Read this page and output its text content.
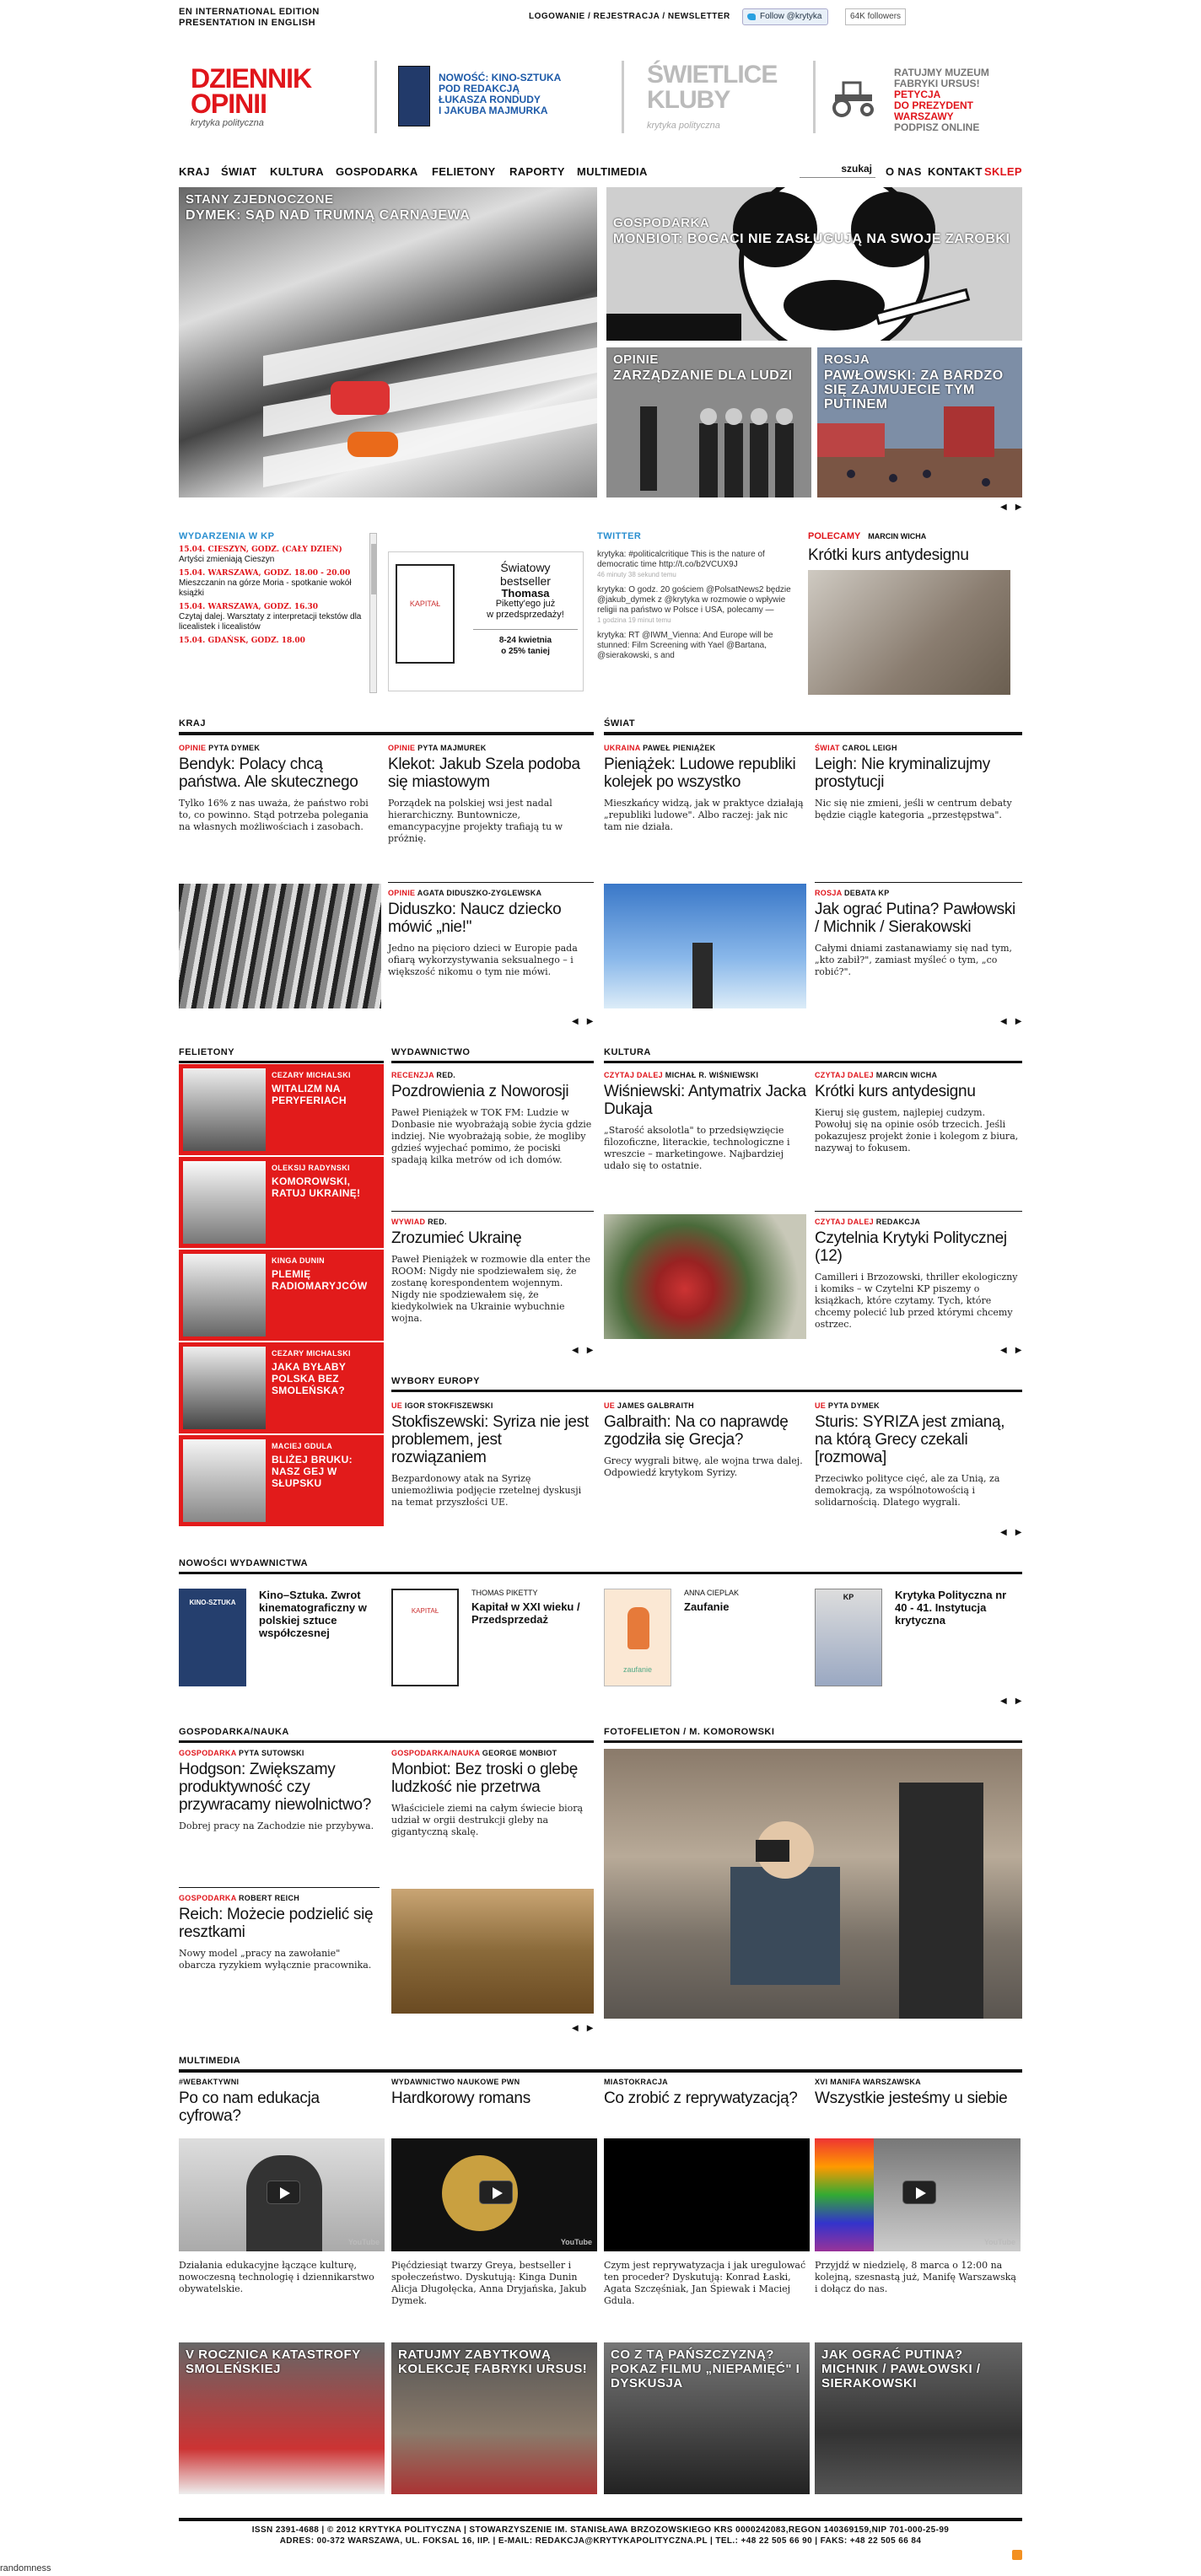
EN INTERNATIONAL EDITION
PRESENTATION IN ENGLISH
LOGOWANIE / REJESTRACJA / NEWSLETTER	Follow @krytyka	64K followers
DZIENNIK
OPINII
krytyka polityczna
NOWOŚĆ: KINO-SZTUKA
POD REDAKCJĄ
ŁUKASZA RONDUDY
I JAKUBA MAJMURKA
ŚWIETLICE
KLUBY
krytyka polityczna
RATUJMY MUZEUM
FABRYKI URSUS!
PETYCJA
DO PREZYDENT
WARSZAWY
PODPISZ ONLINE
KRAJ ŚWIAT KULTURA GOSPODARKA FELIETONY RAPORTY MULTIMEDIA	O NAS KONTAKT SKLEP
szukaj
STANY ZJEDNOCZONE
DYMEK: SĄD NAD TRUMNĄ CARNAJEWA
GOSPODARKA
MONBIOT: BOGACI NIE ZASŁUGUJĄ NA SWOJE ZAROBKI
OPINIE
ZARZĄDZANIE DLA LUDZI
ROSJA
PAWŁOWSKI: ZA BARDZO SIĘ ZAJMUJECIE TYM PUTINEM
◀▶
WYDARZENIA W KP
15.04. CIESZYN, GODZ. (CAŁY DZIEŃ)
Artyści zmieniają Cieszyn
15.04. WARSZAWA, GODZ. 18.00 - 20.00
Mieszczanin na górze Moria - spotkanie wokół książki
15.04. WARSZAWA, GODZ. 16.30
Czytaj dalej. Warsztaty z interpretacji tekstów dla licealistek i licealistów
15.04. GDAŃSK, GODZ. 18.00
KAPITAŁ
Światowy
bestseller
Thomasa
Piketty'ego już
w przedsprzedaży!
8-24 kwietnia
o 25% taniej
TWITTER
krytyka: #politicalcritique This is the nature of democratic time http://t.co/b2VCUX9J
46 minuty 38 sekund temu
krytyka: O godz. 20 gościem @PolsatNews2 będzie @jakub_dymek z @krytyka w rozmowie o wpływie religii na państwo w Polsce i USA, polecamy —
1 godzina 19 minut temu
krytyka: RT @IWM_Vienna: And Europe will be stunned: Film Screening with Yael @Bartana, @sierakowski, s and
POLECAMY MARCIN WICHA
Krótki kurs antydesignu
KRAJ	ŚWIAT
OPINIE PYTA DYMEK
Bendyk: Polacy chcą państwa. Ale skutecznego
Tylko 16% z nas uważa, że państwo robi to, co powinno. Stąd potrzeba polegania na własnych możliwościach i zasobach.
OPINIE PYTA MAJMUREK
Klekot: Jakub Szela podoba się miastowym
Porządek na polskiej wsi jest nadal hierarchiczny. Buntownicze, emancypacyjne projekty trafiają tu w próżnię.
UKRAINA PAWEŁ PIENIĄŻEK
Pieniążek: Ludowe republiki kolejek po wszystko
Mieszkańcy widzą, jak w praktyce działają „republiki ludowe". Albo raczej: jak nic tam nie działa.
ŚWIAT CAROL LEIGH
Leigh: Nie kryminalizujmy prostytucji
Nic się nie zmieni, jeśli w centrum debaty będzie ciągle kategoria „przestępstwa".
OPINIE AGATA DIDUSZKO-ZYGLEWSKA
Diduszko: Naucz dziecko mówić „nie!"
Jedno na pięcioro dzieci w Europie pada ofiarą wykorzystywania seksualnego – i większość nikomu o tym nie mówi.
ROSJA DEBATA KP
Jak ograć Putina? Pawłowski / Michnik / Sierakowski
Całymi dniami zastanawiamy się nad tym, „kto zabił?", zamiast myśleć o tym, „co robić?".
◀▶	◀▶
FELIETONY
CEZARY MICHALSKI
WITALIZM NA PERYFERIACH
OLEKSIJ RADYNSKI
KOMOROWSKI, RATUJ UKRAINĘ!
KINGA DUNIN
PLEMIĘ RADIOMARYJCÓW
CEZARY MICHALSKI
JAKA BYŁABY POLSKA BEZ SMOLEŃSKA?
MACIEJ GDULA
BLIŻEJ BRUKU: NASZ GEJ W SŁUPSKU
WYDAWNICTWO
RECENZJA RED.
Pozdrowienia z Noworosji
Paweł Pieniążek w TOK FM: Ludzie w Donbasie nie wyobrażają sobie życia gdzie indziej. Nie wyobrażają sobie, że mogliby gdzieś wyjechać pomimo, że pociski spadają kilka metrów od ich domów.
WYWIAD RED.
Zrozumieć Ukrainę
Paweł Pieniążek w rozmowie dla enter the ROOM: Nigdy nie spodziewałem się, że zostanę korespondentem wojennym. Nigdy nie spodziewałem się, że kiedykolwiek na Ukrainie wybuchnie wojna.
◀▶
KULTURA
CZYTAJ DALEJ MICHAŁ R. WIŚNIEWSKI
Wiśniewski: Antymatrix Jacka Dukaja
„Starość aksolotla" to przedsięwzięcie filozoficzne, literackie, technologiczne i wreszcie – marketingowe. Najbardziej udało się to ostatnie.
CZYTAJ DALEJ MARCIN WICHA
Krótki kurs antydesignu
Kieruj się gustem, najlepiej cudzym. Powołuj się na opinie osób trzecich. Jeśli pokazujesz projekt żonie i kolegom z biura, nazywaj to fokusem.
CZYTAJ DALEJ REDAKCJA
Czytelnia Krytyki Politycznej (12)
Camilleri i Brzozowski, thriller ekologiczny i komiks – w Czytelni KP piszemy o książkach, które czytamy. Tych, które chcemy polecić lub przed którymi chcemy ostrzec.
◀▶
WYBORY EUROPY
UE IGOR STOKFISZEWSKI
Stokfiszewski: Syriza nie jest problemem, jest rozwiązaniem
Bezpardonowy atak na Syrizę uniemożliwia podjęcie rzetelnej dyskusji na temat przyszłości UE.
UE JAMES GALBRAITH
Galbraith: Na co naprawdę zgodziła się Grecja?
Grecy wygrali bitwę, ale wojna trwa dalej. Odpowiedź krytykom Syrizy.
UE PYTA DYMEK
Sturis: SYRIZA jest zmianą, na którą Grecy czekali [rozmowa]
Przeciwko polityce cięć, ale za Unią, za demokracją, za wspólnotowością i solidarnością. Dlatego wygrali.
◀▶
NOWOŚCI WYDAWNICTWA
KINO-SZTUKA
Kino–Sztuka. Zwrot kinematograficzny w polskiej sztuce współczesnej
KAPITAŁ
THOMAS PIKETTY
Kapitał w XXI wieku / Przedsprzedaż
zaufanie
ANNA CIEPLAK
Zaufanie
KP	Krytyka Polityczna nr 40 - 41. Instytucja krytyczna
◀▶
GOSPODARKA/NAUKA
GOSPODARKA PYTA SUTOWSKI
Hodgson: Zwiększamy produktywność czy przywracamy niewolnictwo?
Dobrej pracy na Zachodzie nie przybywa.
GOSPODARKA/NAUKA GEORGE MONBIOT
Monbiot: Bez troski o glebę ludzkość nie przetrwa
Właściciele ziemi na całym świecie biorą udział w orgii destrukcji gleby na gigantyczną skalę.
GOSPODARKA ROBERT REICH
Reich: Możecie podzielić się resztkami
Nowy model „pracy na zawołanie" obarcza ryzykiem wyłącznie pracownika.
◀▶
FOTOFELIETON / M. KOMOROWSKI
MULTIMEDIA
#WEBAKTYWNI
Po co nam edukacja cyfrowa?
WYDAWNICTWO NAUKOWE PWN
Hardkorowy romans
MIASTOKRACJA
Co zrobić z reprywatyzacją?
XVI MANIFA WARSZAWSKA
Wszystkie jesteśmy u siebie
YouTube	YouTube	YouTube
Działania edukacyjne łączące kulturę, nowoczesną technologię i dziennikarstwo obywatelskie.
Pięćdziesiąt twarzy Greya, bestseller i społeczeństwo. Dyskutują: Kinga Dunin Alicja Długołęcka, Anna Dryjańska, Jakub Dymek.
Czym jest reprywatyzacja i jak uregulować ten proceder? Dyskutują: Konrad Łaski, Agata Szczęśniak, Jan Śpiewak i Maciej Gdula.
Przyjdź w niedzielę, 8 marca o 12:00 na kolejną, szesnastą już, Manifę Warszawską i dołącz do nas.
V ROCZNICA KATASTROFY SMOLEŃSKIEJ
RATUJMY ZABYTKOWĄ KOLEKCJĘ FABRYKI URSUS!
CO Z TĄ PAŃSZCZYZNĄ? POKAZ FILMU „NIEPAMIĘĆ" I DYSKUSJA
JAK OGRAĆ PUTINA? MICHNIK / PAWŁOWSKI / SIERAKOWSKI
ISSN 2391-4688 | © 2012 KRYTYKA POLITYCZNA | STOWARZYSZENIE IM. STANISŁAWA BRZOZOWSKIEGO KRS 0000242083,REGON 140369159,NIP 701-000-25-99
ADRES: 00-372 WARSZAWA, UL. FOKSAL 16, IIP. | E-MAIL: REDAKCJA@KRYTYKAPOLITYCZNA.PL | TEL.: +48 22 505 66 90 | FAKS: +48 22 505 66 84
randomness
